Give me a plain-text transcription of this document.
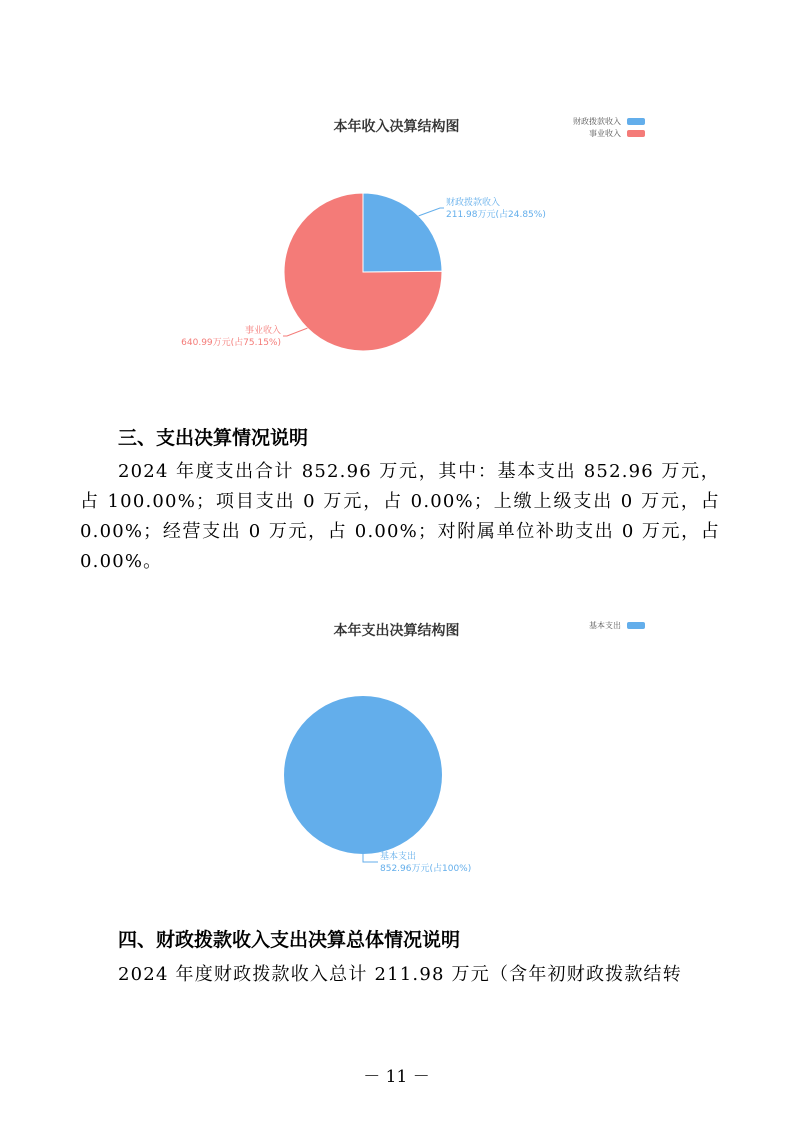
本年收入决算结构图	财政拨款收入
事业收入
财政拨款收入
211.98万元(占24.85%)
事业收入
640.99万元(占75.15%)
三、支出决算情况说明

2024 年度支出合计 852.96 万元，其中：基本支出 852.96 万元，占 100.00%；项目支出 0 万元，占 0.00%；上缴上级支出 0 万元，占 0.00%；经营支出 0 万元，占 0.00%；对附属单位补助支出 0 万元，占 0.00%。

本年支出决算结构图	基本支出
基本支出
852.96万元(占100%)
四、财政拨款收入支出决算总体情况说明

2024 年度财政拨款收入总计 211.98 万元（含年初财政拨款结转

－ 11 －
